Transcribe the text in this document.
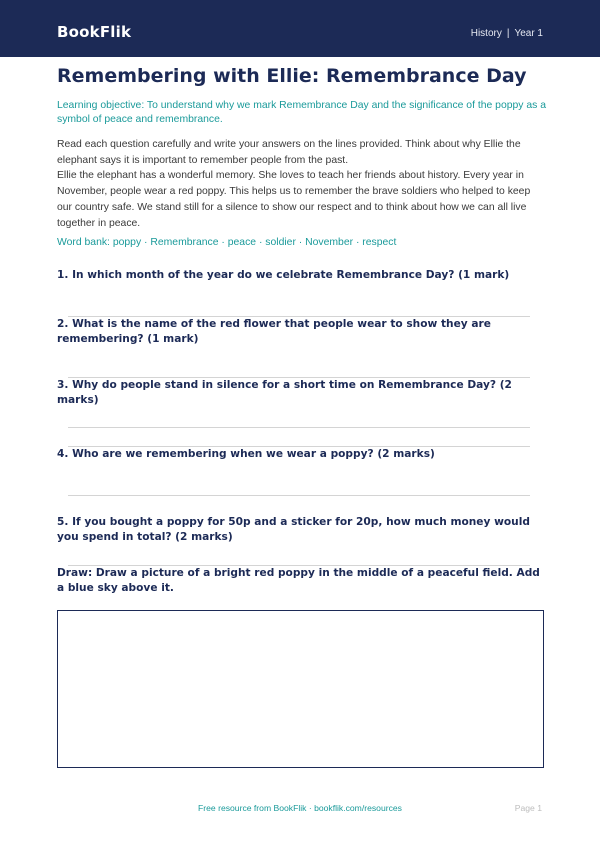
BookFlik	History | Year 1
Remembering with Ellie: Remembrance Day

Learning objective: To understand why we mark Remembrance Day and the significance of the poppy as a symbol of peace and remembrance.

Read each question carefully and write your answers on the lines provided. Think about why Ellie the elephant says it is important to remember people from the past.

Ellie the elephant has a wonderful memory. She loves to teach her friends about history. Every year in November, people wear a red poppy. This helps us to remember the brave soldiers who helped to keep our country safe. We stand still for a silence to show our respect and to think about how we can all live together in peace.

Word bank: poppy · Remembrance · peace · soldier · November · respect

1. In which month of the year do we celebrate Remembrance Day? (1 mark)
2. What is the name of the red flower that people wear to show they are remembering? (1 mark)
3. Why do people stand in silence for a short time on Remembrance Day? (2 marks)
4. Who are we remembering when we wear a poppy? (2 marks)
5. If you bought a poppy for 50p and a sticker for 20p, how much money would you spend in total? (2 marks)
Draw: Draw a picture of a bright red poppy in the middle of a peaceful field. Add a blue sky above it.
Free resource from BookFlik · bookflik.com/resources	Page 1
